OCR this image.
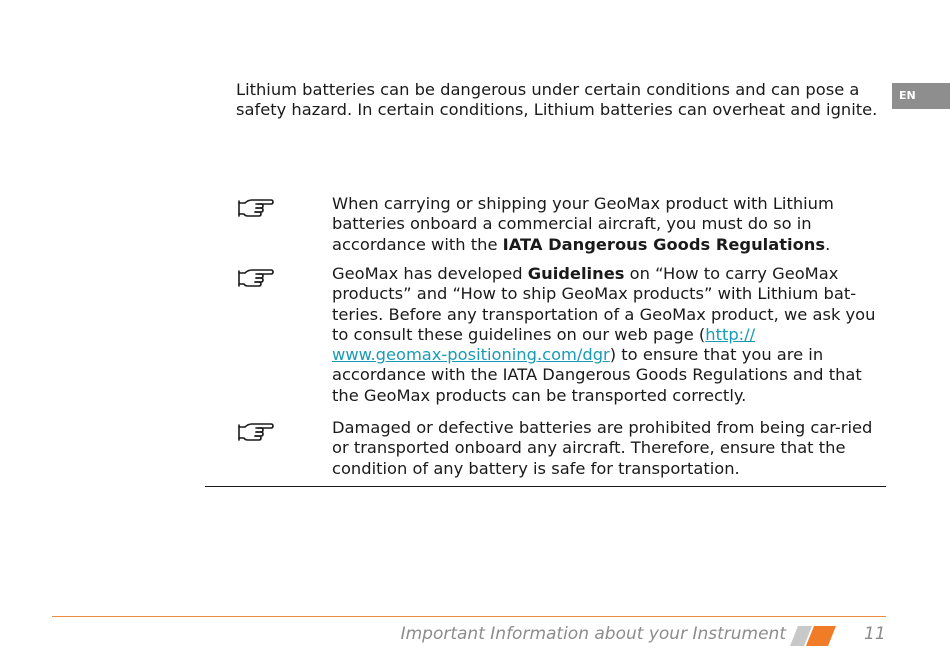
EN

Lithium batteries can be dangerous under certain conditions and can pose a safety hazard. In certain conditions, Lithium batteries can overheat and ignite.

When carrying or shipping your GeoMax product with Lithium batteries onboard a commercial aircraft, you must do so in accordance with the IATA Dangerous Goods Regulations.

GeoMax has developed Guidelines on “How to carry GeoMax products” and “How to ship GeoMax products” with Lithium bat-teries. Before any transportation of a GeoMax product, we ask you to consult these guidelines on our web page (http://
www.geomax-positioning.com/dgr) to ensure that you are in accordance with the IATA Dangerous Goods Regulations and that the GeoMax products can be transported correctly.

Damaged or defective batteries are prohibited from being car-ried or transported onboard any aircraft. Therefore, ensure that the condition of any battery is safe for transportation.

Important Information about your Instrument	11
